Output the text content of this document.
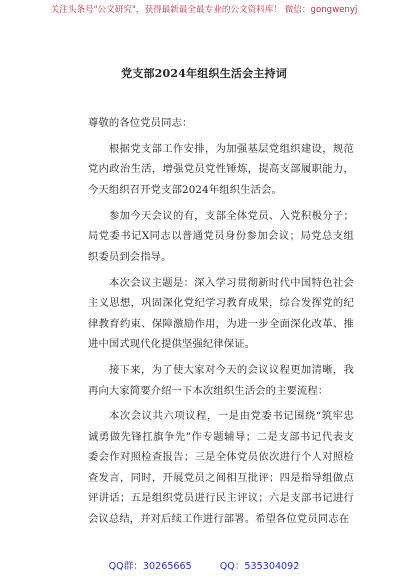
关注头条号"公文研究"，获得最新最全最专业的公文资料库！ 微信：gongwenyj
党支部2024年组织生活会主持词

尊敬的各位党员同志：

根据党支部工作安排，为加强基层党组织建设，规范党内政治生活，增强党员党性锤炼，提高支部履职能力，今天组织召开党支部2024年组织生活会。

参加今天会议的有，支部全体党员、入党积极分子；局党委书记X同志以普通党员身份参加会议；局党总支组织委员到会指导。

本次会议主题是：深入学习贯彻新时代中国特色社会主义思想，巩固深化党纪学习教育成果，综合发挥党的纪律教育约束、保障激励作用，为进一步全面深化改革、推进中国式现代化提供坚强纪律保证。

接下来，为了使大家对今天的会议议程更加清晰，我再向大家简要介绍一下本次组织生活会的主要流程：

本次会议共六项议程，一是由党委书记围绕“筑牢忠诚勇做先锋扛旗争先”作专题辅导；二是支部书记代表支委会作对照检查报告；三是全体党员依次进行个人对照检查发言，同时，开展党员之间相互批评；四是指导组做点评讲话；五是组织党员进行民主评议；六是支部书记进行会议总结，并对后续工作进行部署。希望各位党员同志在

QQ群：30265665	QQ：535304092
